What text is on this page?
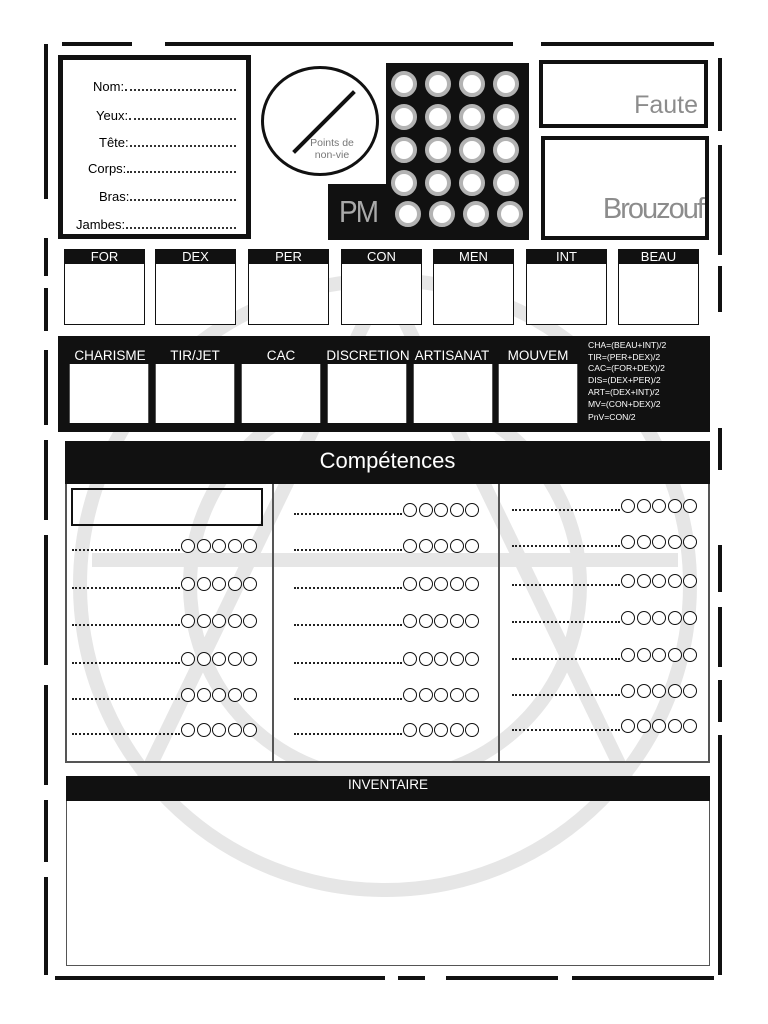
Nom:
Yeux:
Tête:
Corps:
Bras:
Jambes:
Points de non-vie
PM
Faute
Brouzouf
FOR	DEX	PER	CON	MEN	INT	BEAU
CHARISME	TIR/JET	CAC	DISCRETION ARTISANAT	MOUVEM
CHA=(BEAU+INT)/2
TIR=(PER+DEX)/2
CAC=(FOR+DEX)/2
DIS=(DEX+PER)/2
ART=(DEX+INT)/2
MV=(CON+DEX)/2
PnV=CON/2
Compétences
INVENTAIRE
